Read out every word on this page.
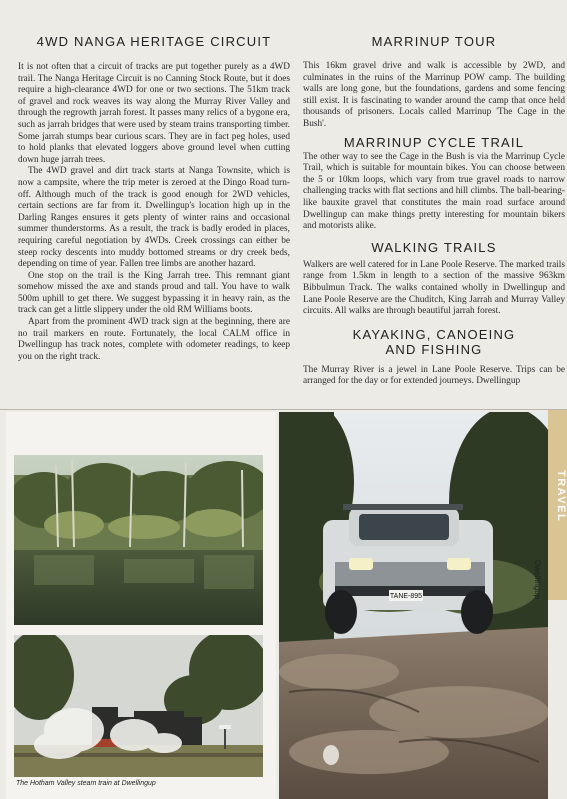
4WD NANGA HERITAGE CIRCUIT

It is not often that a circuit of tracks are put together purely as a 4WD trail. The Nanga Heritage Circuit is no Canning Stock Route, but it does require a high-clearance 4WD for one or two sections. The 51km track of gravel and rock weaves its way along the Murray River Valley and through the regrowth jarrah forest. It passes many relics of a bygone era, such as jarrah bridges that were used by steam trains transporting timber. Some jarrah stumps bear curious scars. They are in fact peg holes, used to hold planks that elevated loggers above ground level when cutting down huge jarrah trees.

The 4WD gravel and dirt track starts at Nanga Townsite, which is now a campsite, where the trip meter is zeroed at the Dingo Road turn-off. Although much of the track is good enough for 2WD vehicles, certain sections are far from it. Dwellingup's location high up in the Darling Ranges ensures it gets plenty of winter rains and occasional summer thunderstorms. As a result, the track is badly eroded in places, requiring careful negotiation by 4WDs. Creek crossings can either be steep rocky descents into muddy bottomed streams or dry creek beds, depending on time of year. Fallen tree limbs are another hazard.

One stop on the trail is the King Jarrah tree. This remnant giant somehow missed the axe and stands proud and tall. You have to walk 500m uphill to get there. We suggest bypassing it in heavy rain, as the track can get a little slippery under the old RM Williams boots.

Apart from the prominent 4WD track sign at the beginning, there are no trail markers en route. Fortunately, the local CALM office in Dwellingup has track notes, complete with odometer readings, to keep you on the right track.

MARRINUP TOUR

This 16km gravel drive and walk is accessible by 2WD, and culminates in the ruins of the Marrinup POW camp. The building walls are long gone, but the foundations, gardens and some fencing still exist. It is fascinating to wander around the camp that once held thousands of prisoners. Locals called Marrinup 'The Cage in the Bush'.

MARRINUP CYCLE TRAIL

The other way to see the Cage in the Bush is via the Marrinup Cycle Trail, which is suitable for mountain bikes. You can choose between the 5 or 10km loops, which vary from true gravel roads to narrow challenging tracks with flat sections and hill climbs. The ball-bearing-like bauxite gravel that constitutes the main road surface around Dwellingup can make things pretty interesting for mountain bikers and motorists alike.

WALKING TRAILS

Walkers are well catered for in Lane Poole Reserve. The marked trails range from 1.5km in length to a section of the massive 963km Bibbulmun Track. The walks contained wholly in Dwellingup and Lane Poole Reserve are the Chuditch, King Jarrah and Murray Valley circuits. All walks are through beautiful jarrah forest.

KAYAKING, CANOEING
AND FISHING

The Murray River is a jewel in Lane Poole Reserve. Trips can be arranged for the day or for extended journeys. Dwellingup

The Hotham Valley steam train at Dwellingup
TANE-895
TRAVEL
Dwellingup
